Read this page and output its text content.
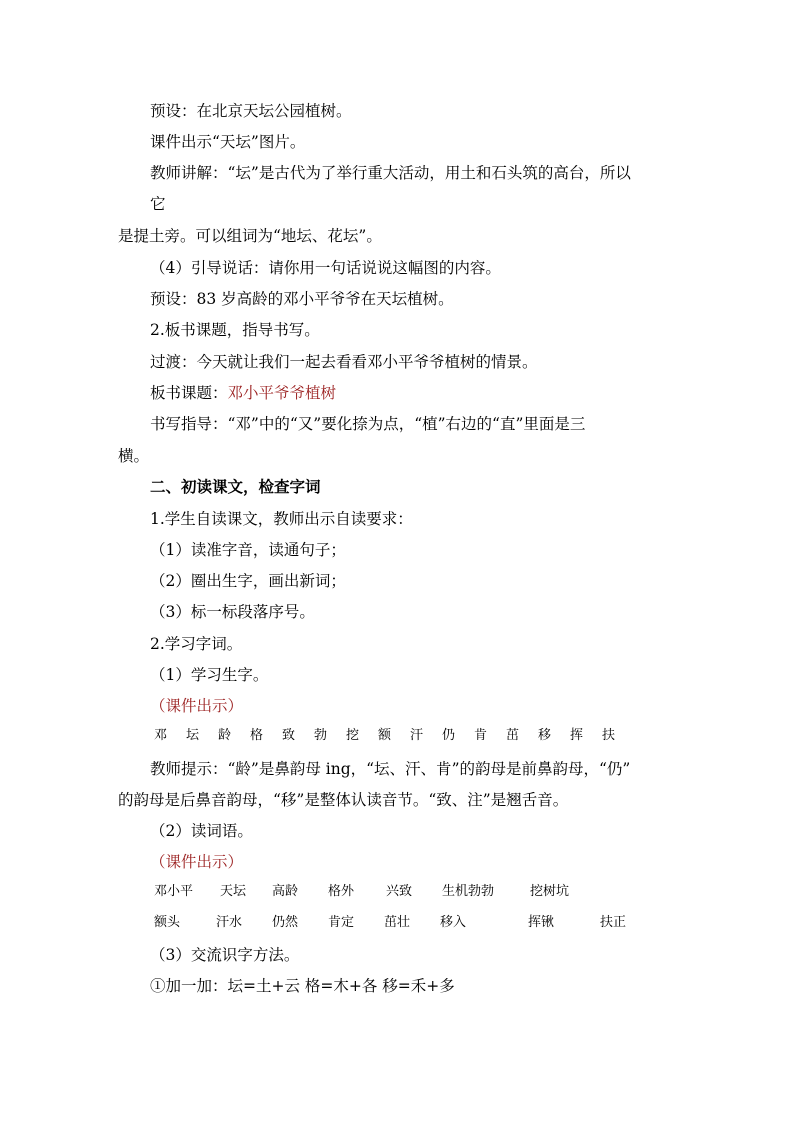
预设：在北京天坛公园植树。
课件出示“天坛”图片。
教师讲解：“坛”是古代为了举行重大活动，用土和石头筑的高台，所以
它
是提土旁。可以组词为“地坛、花坛”。
（4）引导说话：请你用一句话说说这幅图的内容。
预设：83 岁高龄的邓小平爷爷在天坛植树。
2.板书课题，指导书写。
过渡：今天就让我们一起去看看邓小平爷爷植树的情景。
板书课题：邓小平爷爷植树
书写指导：“邓”中的“又”要化捺为点，“植”右边的“直”里面是三
横。
二、初读课文，检查字词
1.学生自读课文，教师出示自读要求：
（1）读准字音，读通句子；
（2）圈出生字，画出新词；
（3）标一标段落序号。
2.学习字词。
（1）学习生字。
（课件出示）
邓 坛 龄 格 致 勃 挖 额 汗 仍 肯 茁 移 挥 扶
教师提示：“龄”是鼻韵母 ing，“坛、汗、肯”的韵母是前鼻韵母，“仍”
的韵母是后鼻音韵母，“移”是整体认读音节。“致、注”是翘舌音。
（2）读词语。
（课件出示）
邓小平 天坛 高龄 格外 兴致 生机勃勃	挖树坑
额头	汗水 仍然 肯定 茁壮 移入	挥锹	扶正
（3）交流识字方法。
①加一加：坛=土+云 格=木+各 移=禾+多
